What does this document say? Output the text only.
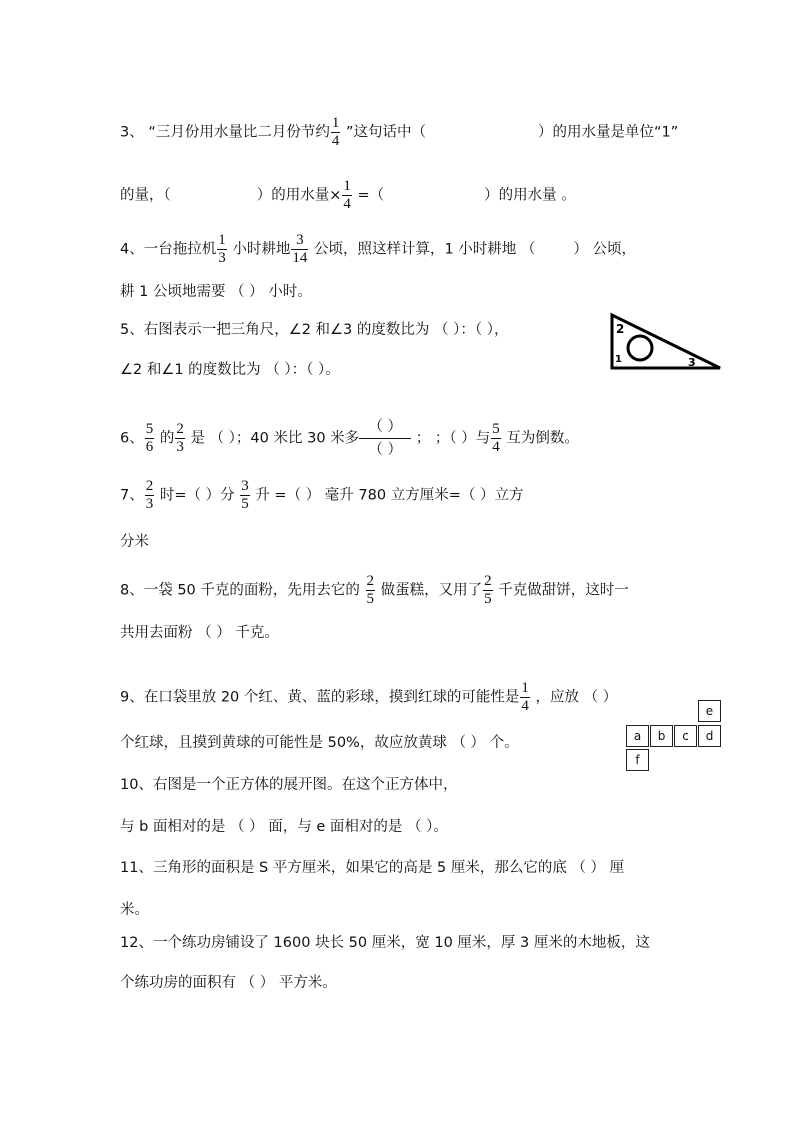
3、 “三月份用水量比二月份节约 $\frac{1}{4}$ ”这句话中（	）的用水量是单位“1”
的量，（	）的用水量× $\frac{1}{4}$ =（	）的用水量 。
4、一台拖拉机 $\frac{1}{3}$ 小时耕地 $\frac{3}{14}$ 公顷，照这样计算，1 小时耕地 （	） 公顷，
耕 1 公顷地需要 （ ） 小时。
5、右图表示一把三角尺，∠2 和∠3 的度数比为 （ ）：（ ），
∠2 和∠1 的度数比为 （ ）：（ ）。
2
1	3
6、 $\frac{5}{6}$ 的 $\frac{2}{3}$ 是 （ ）；40 米比 30 米多
（ ）
（ ）
； ；（ ）与 $\frac{5}{4}$ 互为倒数。
7、 $\frac{2}{3}$ 时=（ ）分 $\frac{3}{5}$ 升 =（ ） 毫升 780 立方厘米=（ ）立方
分米
8、一袋 50 千克的面粉，先用去它的 $\frac{2}{5}$ 做蛋糕，又用了 $\frac{2}{5}$ 千克做甜饼，这时一
共用去面粉 （ ） 千克。
9、在口袋里放 20 个红、黄、蓝的彩球，摸到红球的可能性是 $\frac{1}{4}$ ，应放 （ ）
个红球，且摸到黄球的可能性是 50%，故应放黄球 （ ） 个。
e
a	b	c	d
f
10、右图是一个正方体的展开图。在这个正方体中，
与 b 面相对的是 （ ） 面，与 e 面相对的是 （ ）。
11、三角形的面积是 S 平方厘米，如果它的高是 5 厘米，那么它的底 （ ） 厘
米。
12、一个练功房铺设了 1600 块长 50 厘米，宽 10 厘米，厚 3 厘米的木地板，这
个练功房的面积有 （ ） 平方米。
